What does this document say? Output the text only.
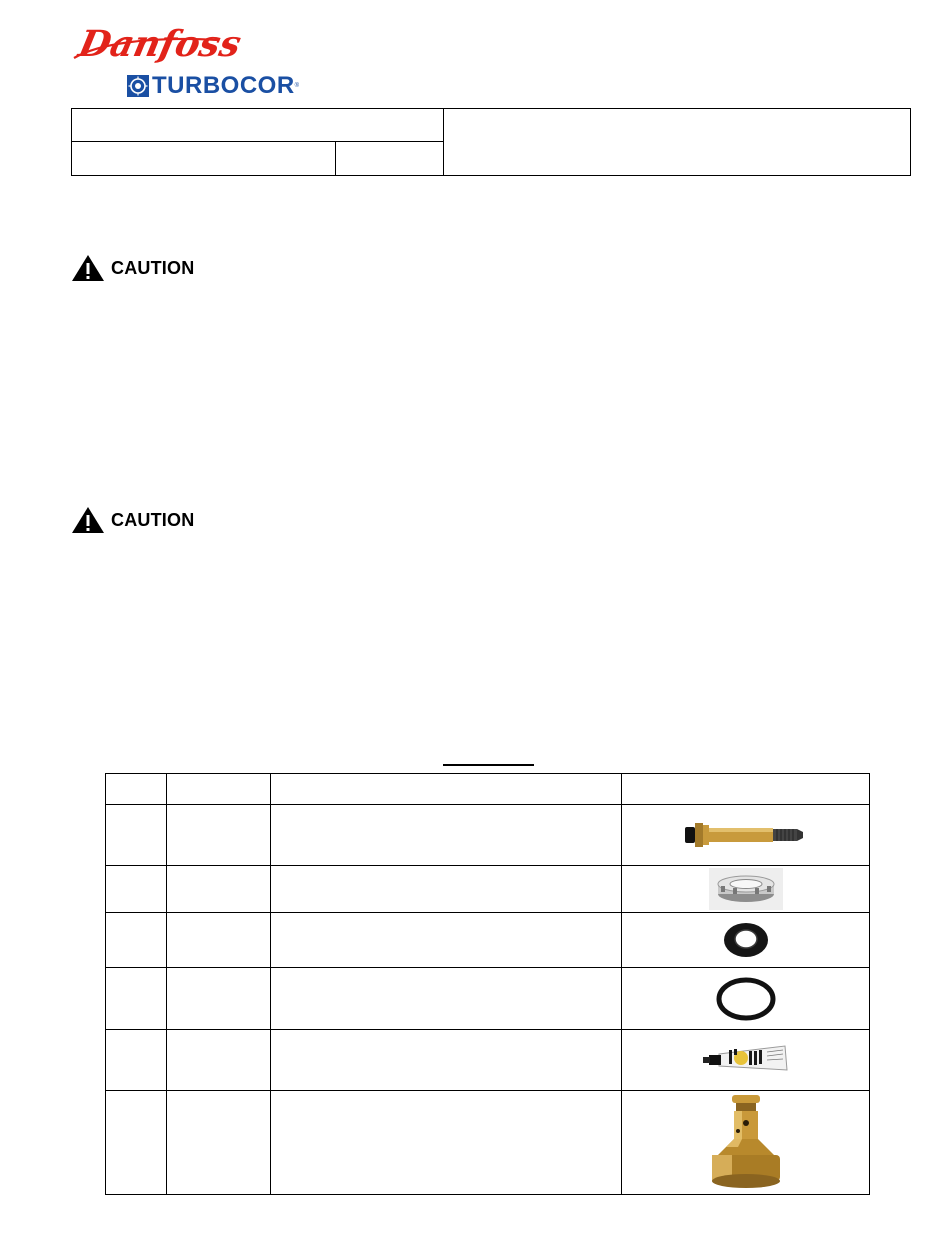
Danfoss
TURBOCOR ®

CAUTION
CAUTION
